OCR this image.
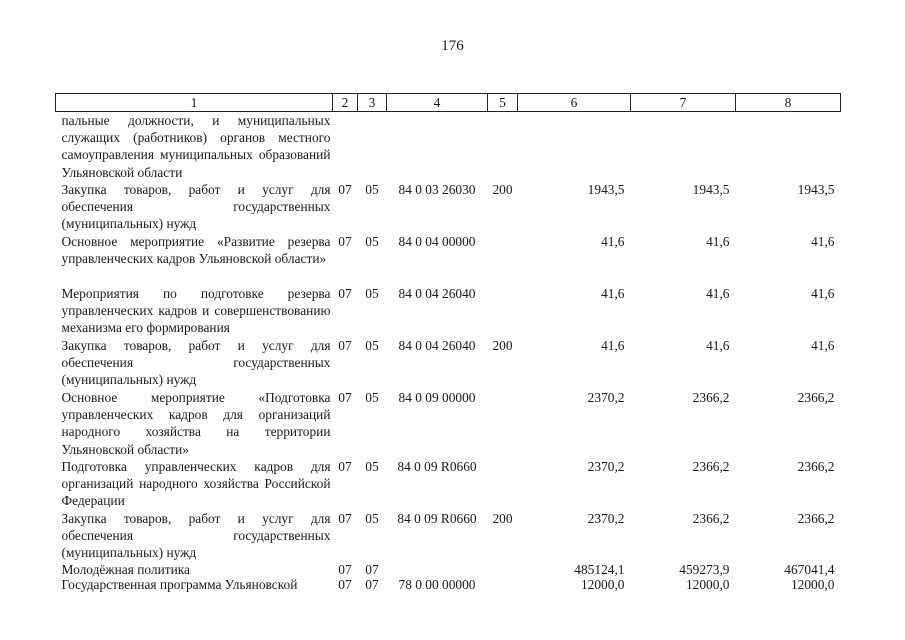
176
1	2	3	4	5	6	7	8
пальные должности, и муниципальных служащих (работников) органов местного самоуправления муниципальных образований Ульяновской области							
Закупка товаров, работ и услуг для обеспечения государственных (муниципальных) нужд	07	05	84 0 03 26030	200	1943,5	1943,5	1943,5
Основное мероприятие «Развитие резерва управленческих кадров Ульяновской области»	07	05	84 0 04 00000		41,6	41,6	41,6
Мероприятия по подготовке резерва управленческих кадров и совершенствованию механизма его формирования	07	05	84 0 04 26040		41,6	41,6	41,6
Закупка товаров, работ и услуг для обеспечения государственных (муниципальных) нужд	07	05	84 0 04 26040	200	41,6	41,6	41,6
Основное мероприятие «Подготовка управленческих кадров для организаций народного хозяйства на территории Ульяновской области»	07	05	84 0 09 00000		2370,2	2366,2	2366,2
Подготовка управленческих кадров для организаций народного хозяйства Российской Федерации	07	05	84 0 09 R0660		2370,2	2366,2	2366,2
Закупка товаров, работ и услуг для обеспечения государственных (муниципальных) нужд	07	05	84 0 09 R0660	200	2370,2	2366,2	2366,2
Молодёжная политика	07	07			485124,1	459273,9	467041,4
Государственная программа Ульяновской	07	07	78 0 00 00000		12000,0	12000,0	12000,0
